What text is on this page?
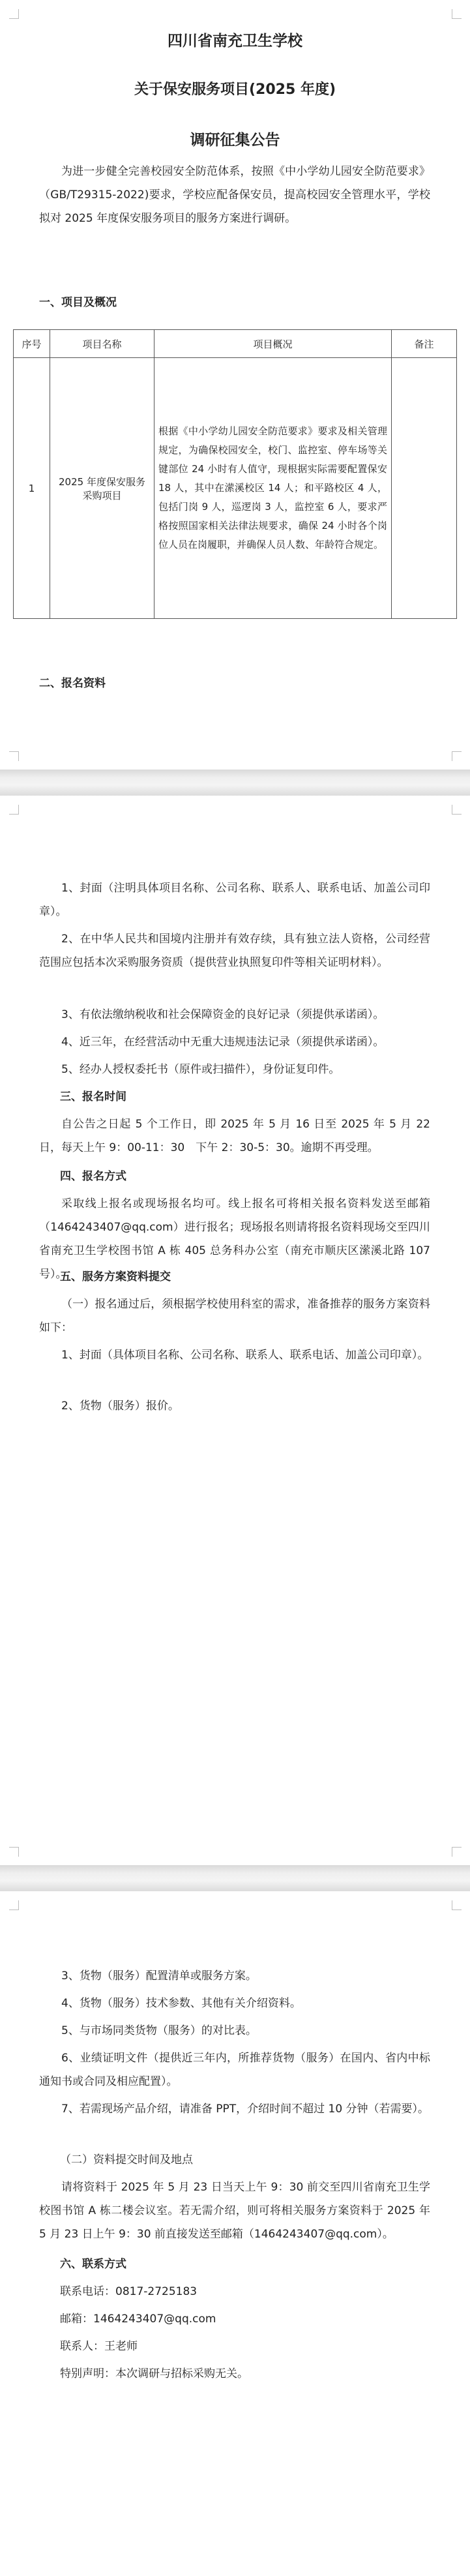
四川省南充卫生学校
关于保安服务项目(2025 年度)
调研征集公告

为进一步健全完善校园安全防范体系，按照《中小学幼儿园安全防范要求》（GB/T29315-2022)要求，学校应配备保安员，提高校园安全管理水平，学校拟对 2025 年度保安服务项目的服务方案进行调研。

一、项目及概况
序号	项目名称	项目概况	备注
1	2025 年度保安服务采购项目	根据《中小学幼儿园安全防范要求》要求及相关管理规定，为确保校园安全，校门、监控室、停车场等关键部位 24 小时有人值守，现根据实际需要配置保安 18 人，其中在潆溪校区 14 人；和平路校区 4 人，包括门岗 9 人，巡逻岗 3 人，监控室 6 人，要求严格按照国家相关法律法规要求，确保 24 小时各个岗位人员在岗履职，并确保人员人数、年龄符合规定。	
二、报名资料

1、封面（注明具体项目名称、公司名称、联系人、联系电话、加盖公司印章）。

2、在中华人民共和国境内注册并有效存续，具有独立法人资格，公司经营范围应包括本次采购服务资质（提供营业执照复印件等相关证明材料）。

3、有依法缴纳税收和社会保障资金的良好记录（须提供承诺函）。

4、近三年，在经营活动中无重大违规违法记录（须提供承诺函）。

5、经办人授权委托书（原件或扫描件），身份证复印件。

三、报名时间

自公告之日起 5 个工作日，即 2025 年 5 月 16 日至 2025 年 5 月 22 日，每天上午 9：00-11：30　下午 2：30-5：30。逾期不再受理。

四、报名方式

采取线上报名或现场报名均可。线上报名可将相关报名资料发送至邮箱（1464243407@qq.com）进行报名；现场报名则请将报名资料现场交至四川省南充卫生学校图书馆 A 栋 405 总务科办公室（南充市顺庆区潆溪北路 107 号）。

五、服务方案资料提交

（一）报名通过后，须根据学校使用科室的需求，准备推荐的服务方案资料如下：

1、封面（具体项目名称、公司名称、联系人、联系电话、加盖公司印章）。

2、货物（服务）报价。

3、货物（服务）配置清单或服务方案。

4、货物（服务）技术参数、其他有关介绍资料。

5、与市场同类货物（服务）的对比表。

6、业绩证明文件（提供近三年内，所推荐货物（服务）在国内、省内中标通知书或合同及相应配置）。

7、若需现场产品介绍，请准备 PPT，介绍时间不超过 10 分钟（若需要）。

（二）资料提交时间及地点

请将资料于 2025 年 5 月 23 日当天上午 9：30 前交至四川省南充卫生学校图书馆 A 栋二楼会议室。若无需介绍，则可将相关服务方案资料于 2025 年 5 月 23 日上午 9：30 前直接发送至邮箱（1464243407@qq.com）。

六、联系方式
联系电话：0817-2725183
邮箱：1464243407@qq.com
联系人：王老师
特别声明：本次调研与招标采购无关。
